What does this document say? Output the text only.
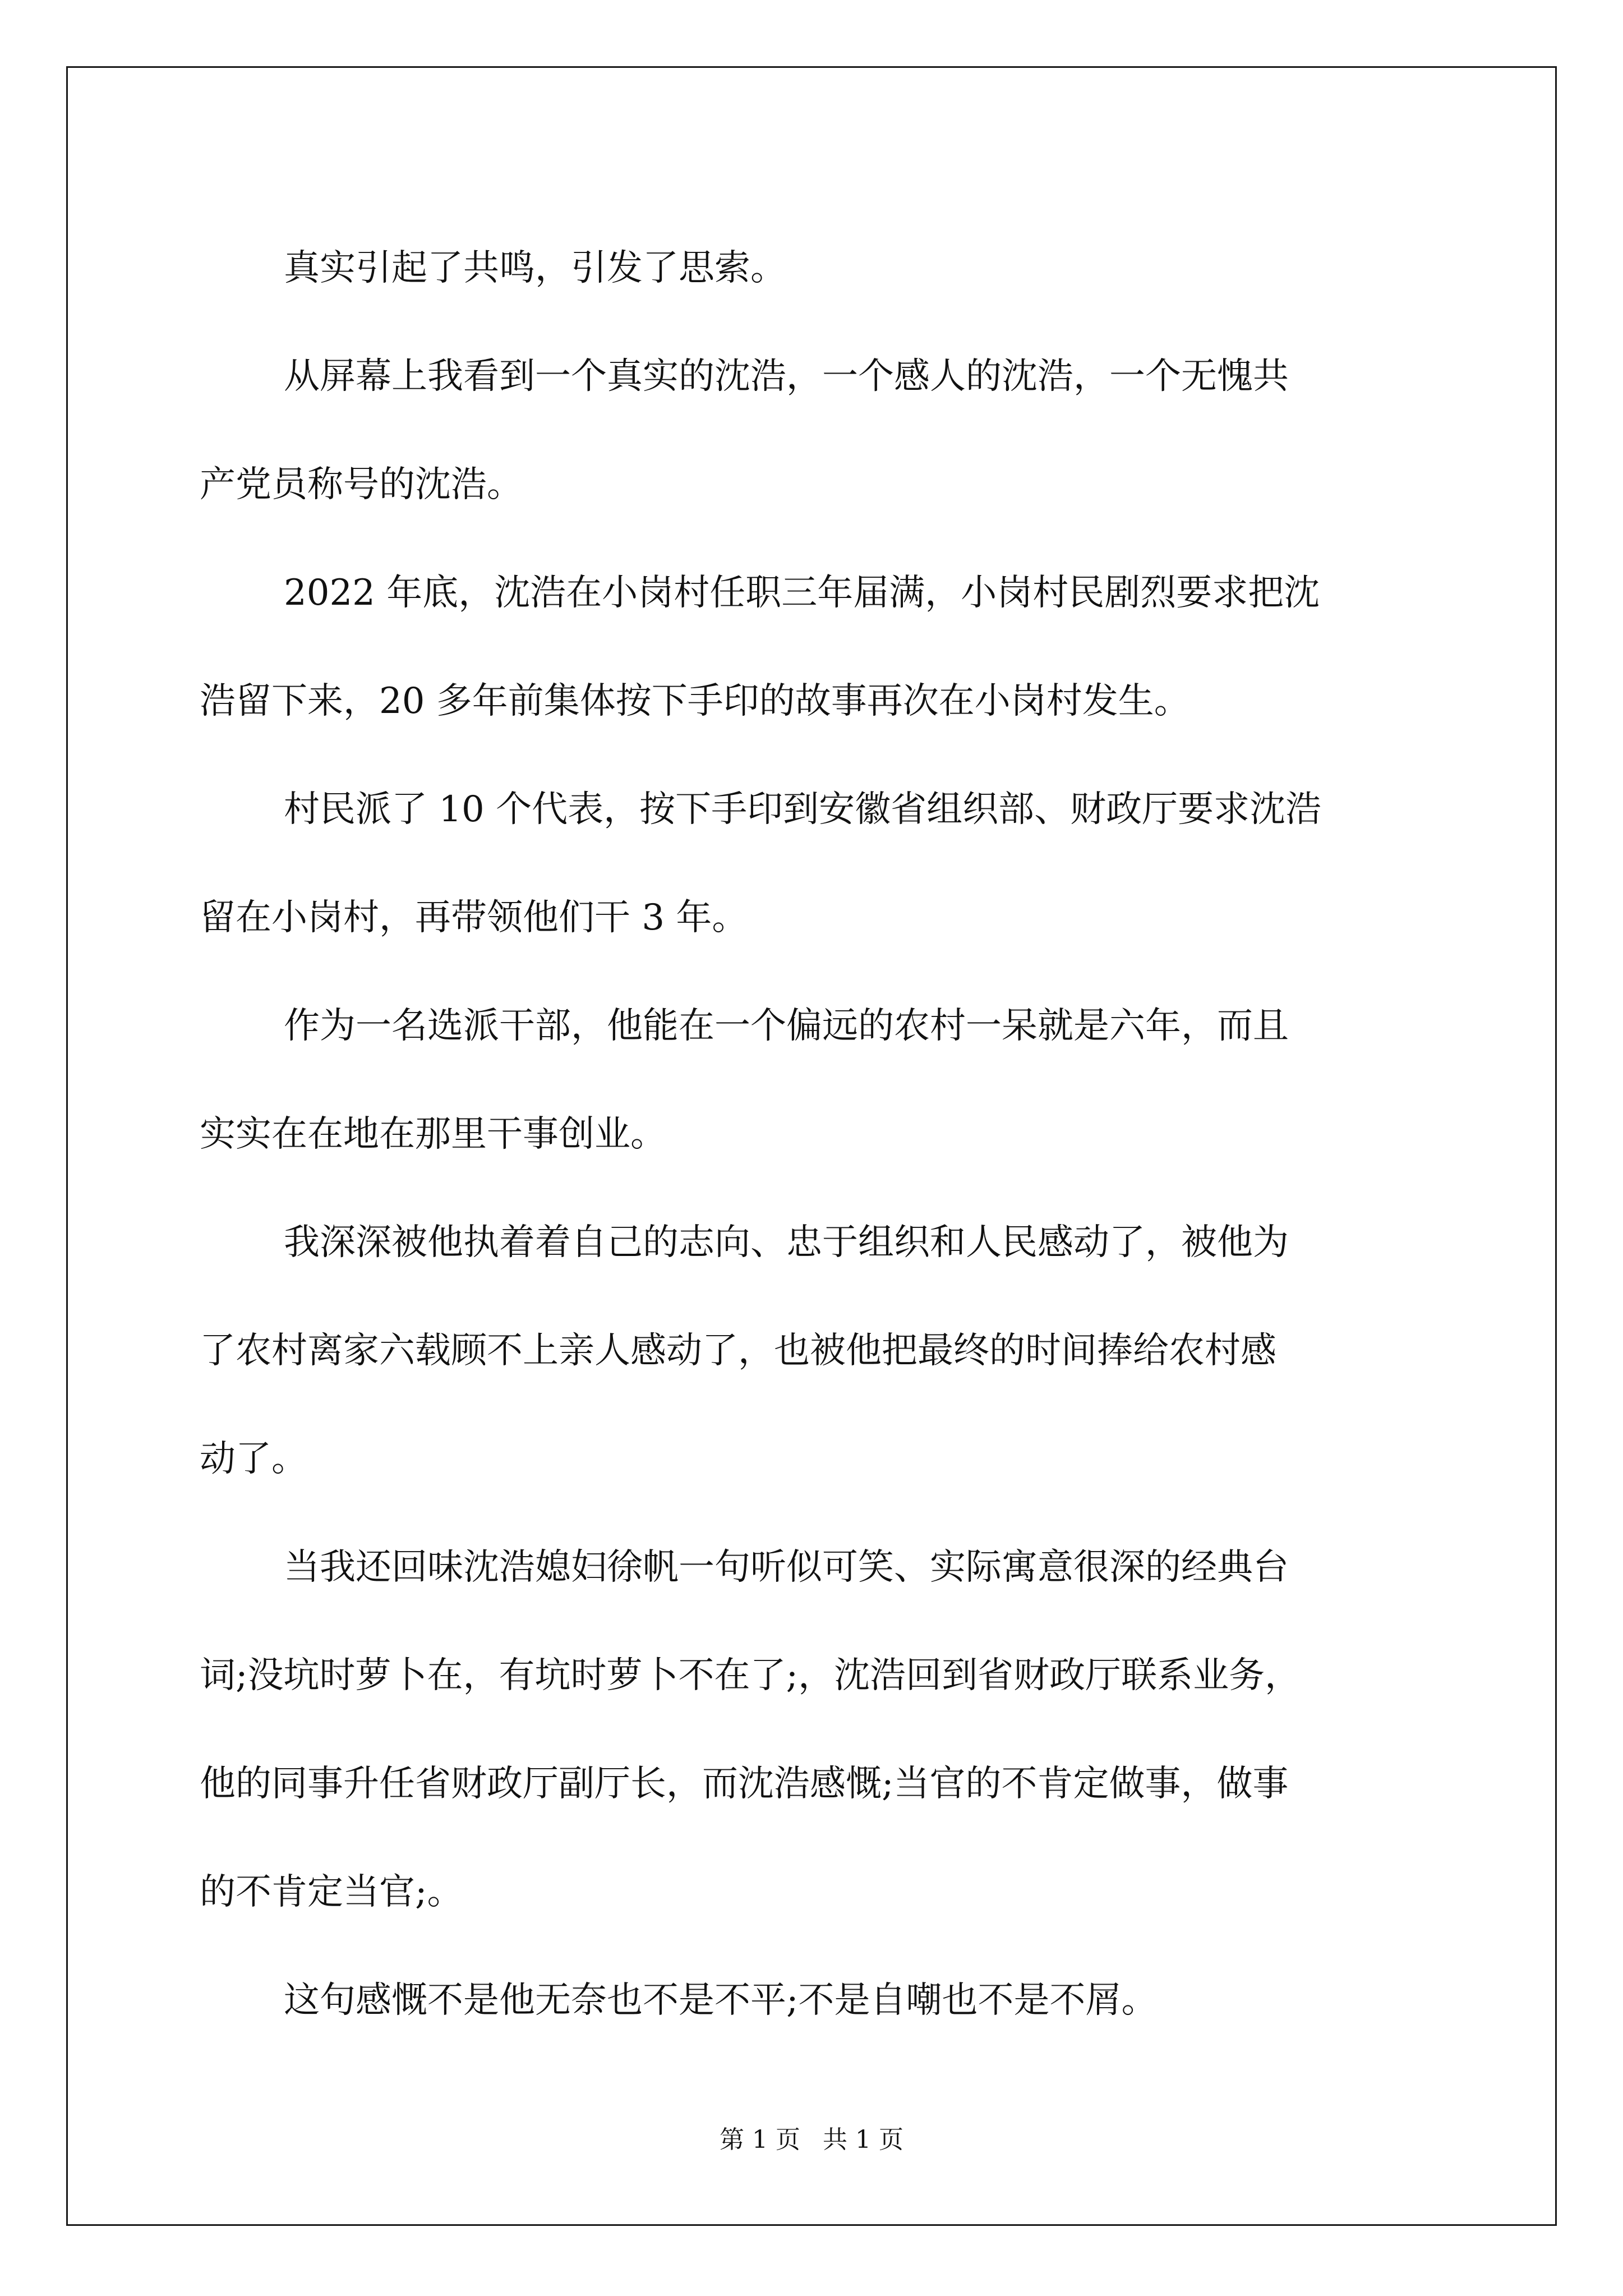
真实引起了共鸣，引发了思索。

从屏幕上我看到一个真实的沈浩，一个感人的沈浩，一个无愧共
产党员称号的沈浩。

2022 年底，沈浩在小岗村任职三年届满，小岗村民剧烈要求把沈
浩留下来，20 多年前集体按下手印的故事再次在小岗村发生。

村民派了 10 个代表，按下手印到安徽省组织部、财政厅要求沈浩
留在小岗村，再带领他们干 3 年。

作为一名选派干部，他能在一个偏远的农村一呆就是六年，而且
实实在在地在那里干事创业。

我深深被他执着着自己的志向、忠于组织和人民感动了，被他为
了农村离家六载顾不上亲人感动了，也被他把最终的时间捧给农村感
动了。

当我还回味沈浩媳妇徐帆一句听似可笑、实际寓意很深的经典台
词;没坑时萝卜在，有坑时萝卜不在了;，沈浩回到省财政厅联系业务，
他的同事升任省财政厅副厅长，而沈浩感慨;当官的不肯定做事，做事
的不肯定当官;。

这句感慨不是他无奈也不是不平;不是自嘲也不是不屑。

第 1 页 共 1 页
